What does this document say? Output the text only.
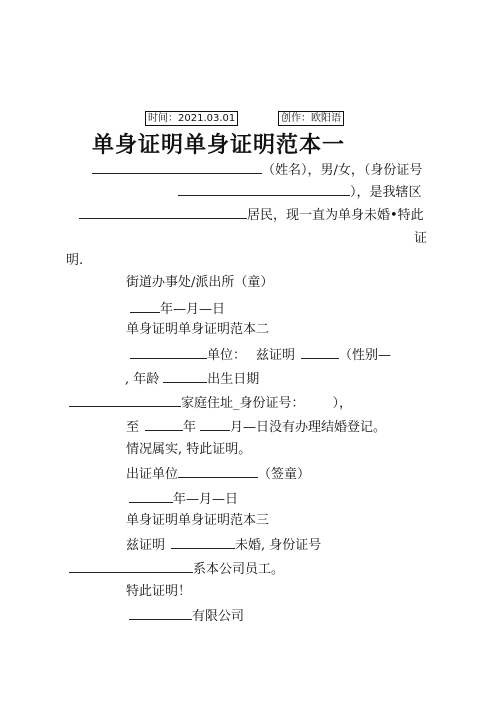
时间：2021.03.01	创作：欧阳语
单身证明单身证明范本一
（姓名），男/女，（身份证号
），是我辖区
居民，现一直为单身未婚•特此
证
明.
街道办事处/派出所（童）
年—月—日
单身证明单身证明范本二
单位： 兹证明	（性别—
, 年龄	出生日期
家庭住址_身份证号： ），
至	年	月—日没有办理结婚登记。
情况属实, 特此证明。
出证单位	（签童）
年—月—日
单身证明单身证明范本三
兹证明	未婚, 身份证号
系本公司员工。
特此证明！
有限公司
